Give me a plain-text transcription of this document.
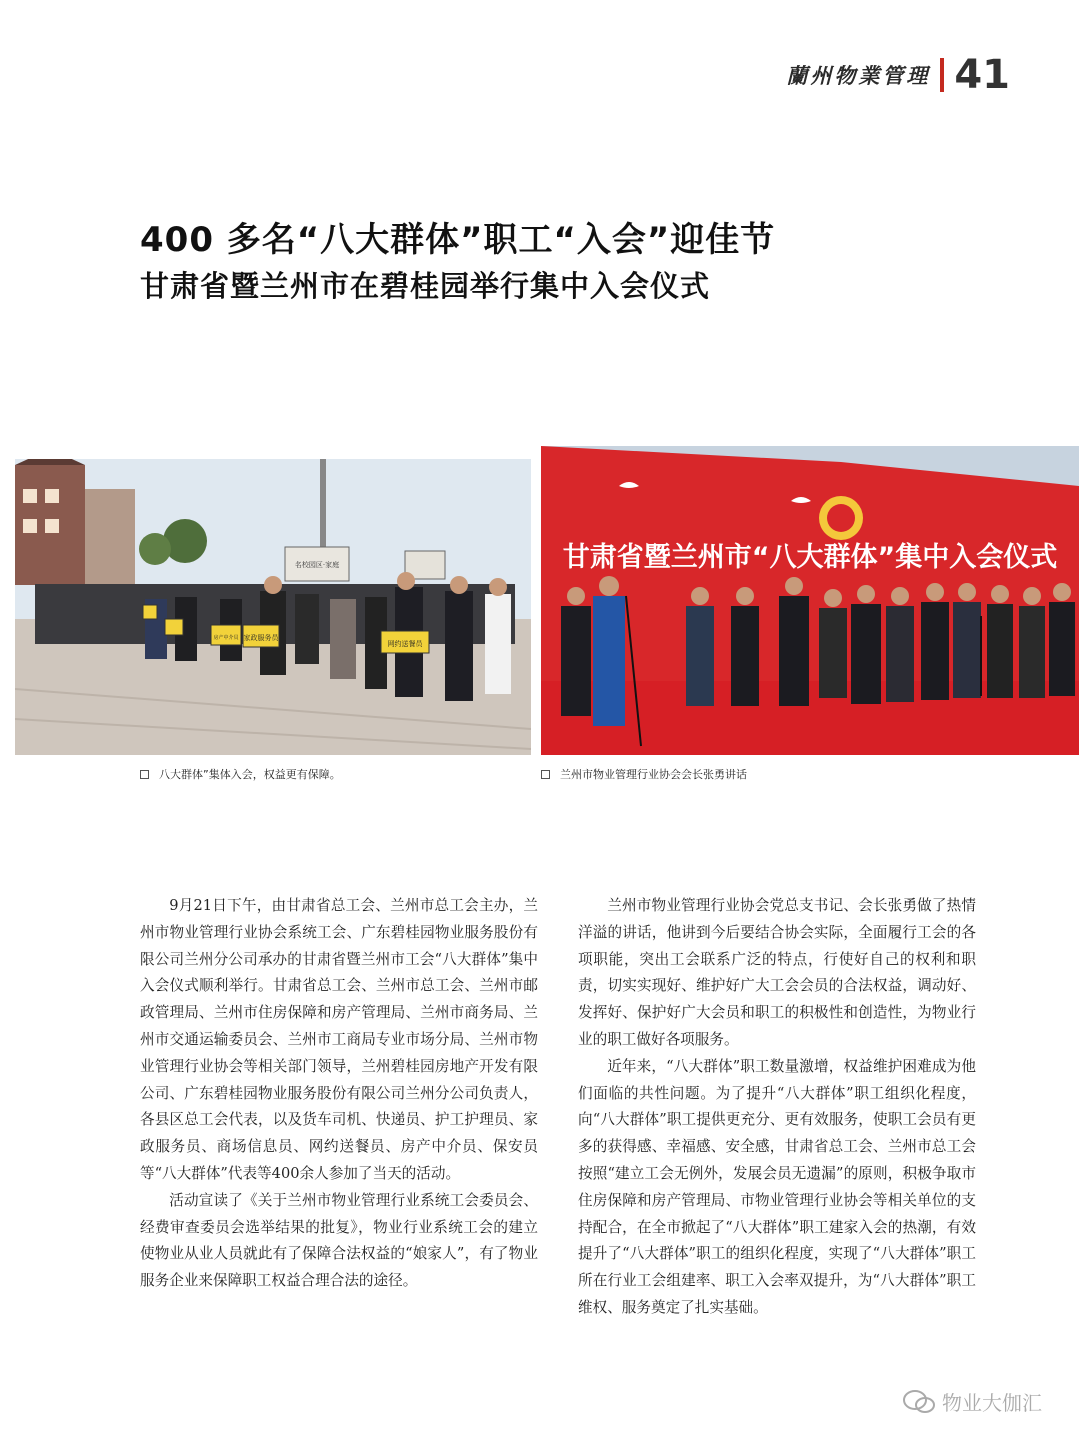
蘭州物業管理 41
400 多名“八大群体”职工“入会”迎佳节
甘肃省暨兰州市在碧桂园举行集中入会仪式
名校园区·家庭
家政服务员
网约送餐员
房产中介员
甘肃省暨兰州市“八大群体”集中入会仪式
八大群体”集体入会，权益更有保障。	兰州市物业管理行业协会会长张勇讲话

9月21日下午，由甘肃省总工会、兰州市总工会主办，兰州市物业管理行业协会系统工会、广东碧桂园物业服务股份有限公司兰州分公司承办的甘肃省暨兰州市工会“八大群体”集中入会仪式顺利举行。甘肃省总工会、兰州市总工会、兰州市邮政管理局、兰州市住房保障和房产管理局、兰州市商务局、兰州市交通运输委员会、兰州市工商局专业市场分局、兰州市物业管理行业协会等相关部门领导，兰州碧桂园房地产开发有限公司、广东碧桂园物业服务股份有限公司兰州分公司负责人，各县区总工会代表，以及货车司机、快递员、护工护理员、家政服务员、商场信息员、网约送餐员、房产中介员、保安员等“八大群体”代表等400余人参加了当天的活动。

活动宣读了《关于兰州市物业管理行业系统工会委员会、经费审查委员会选举结果的批复》，物业行业系统工会的建立使物业从业人员就此有了保障合法权益的“娘家人”，有了物业服务企业来保障职工权益合理合法的途径。

兰州市物业管理行业协会党总支书记、会长张勇做了热情洋溢的讲话，他讲到今后要结合协会实际，全面履行工会的各项职能，突出工会联系广泛的特点，行使好自己的权利和职责，切实实现好、维护好广大工会会员的合法权益，调动好、发挥好、保护好广大会员和职工的积极性和创造性，为物业行业的职工做好各项服务。

近年来，“八大群体”职工数量激增，权益维护困难成为他们面临的共性问题。为了提升“八大群体”职工组织化程度，向“八大群体”职工提供更充分、更有效服务，使职工会员有更多的获得感、幸福感、安全感，甘肃省总工会、兰州市总工会按照“建立工会无例外，发展会员无遗漏”的原则，积极争取市住房保障和房产管理局、市物业管理行业协会等相关单位的支持配合，在全市掀起了“八大群体”职工建家入会的热潮，有效提升了“八大群体”职工的组织化程度，实现了“八大群体”职工所在行业工会组建率、职工入会率双提升，为“八大群体”职工维权、服务奠定了扎实基础。

物业大伽汇
